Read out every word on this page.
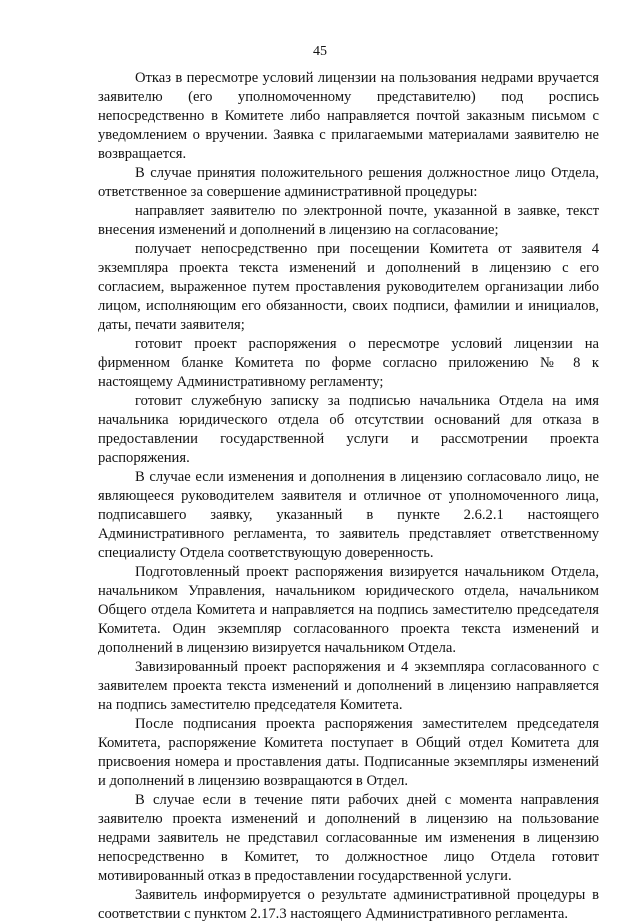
45

Отказ в пересмотре условий лицензии на пользования недрами вручается заявителю (его уполномоченному представителю) под роспись непосредственно в Комитете либо направляется почтой заказным письмом с уведомлением о вручении. Заявка с прилагаемыми материалами заявителю не возвращается.

В случае принятия положительного решения должностное лицо Отдела, ответственное за совершение административной процедуры:

направляет заявителю по электронной почте, указанной в заявке, текст внесения изменений и дополнений в лицензию на согласование;

получает непосредственно при посещении Комитета от заявителя 4 экземпляра проекта текста изменений и дополнений в лицензию с его согласием, выраженное путем проставления руководителем организации либо лицом, исполняющим его обязанности, своих подписи, фамилии и инициалов, даты, печати заявителя;

готовит проект распоряжения о пересмотре условий лицензии на фирменном бланке Комитета по форме согласно приложению № 8 к настоящему Административному регламенту;

готовит служебную записку за подписью начальника Отдела на имя начальника юридического отдела об отсутствии оснований для отказа в предоставлении государственной услуги и рассмотрении проекта распоряжения.

В случае если изменения и дополнения в лицензию согласовало лицо, не являющееся руководителем заявителя и отличное от уполномоченного лица, подписавшего заявку, указанный в пункте 2.6.2.1 настоящего Административного регламента, то заявитель представляет ответственному специалисту Отдела соответствующую доверенность.

Подготовленный проект распоряжения визируется начальником Отдела, начальником Управления, начальником юридического отдела, начальником Общего отдела Комитета и направляется на подпись заместителю председателя Комитета. Один экземпляр согласованного проекта текста изменений и дополнений в лицензию визируется начальником Отдела.

Завизированный проект распоряжения и 4 экземпляра согласованного с заявителем проекта текста изменений и дополнений в лицензию направляется на подпись заместителю председателя Комитета.

После подписания проекта распоряжения заместителем председателя Комитета, распоряжение Комитета поступает в Общий отдел Комитета для присвоения номера и проставления даты. Подписанные экземпляры изменений и дополнений в лицензию возвращаются в Отдел.

В случае если в течение пяти рабочих дней с момента направления заявителю проекта изменений и дополнений в лицензию на пользование недрами заявитель не представил согласованные им изменения в лицензию непосредственно в Комитет, то должностное лицо Отдела готовит мотивированный отказ в предоставлении государственной услуги.

Заявитель информируется о результате административной процедуры в соответствии с пунктом 2.17.3 настоящего Административного регламента.
